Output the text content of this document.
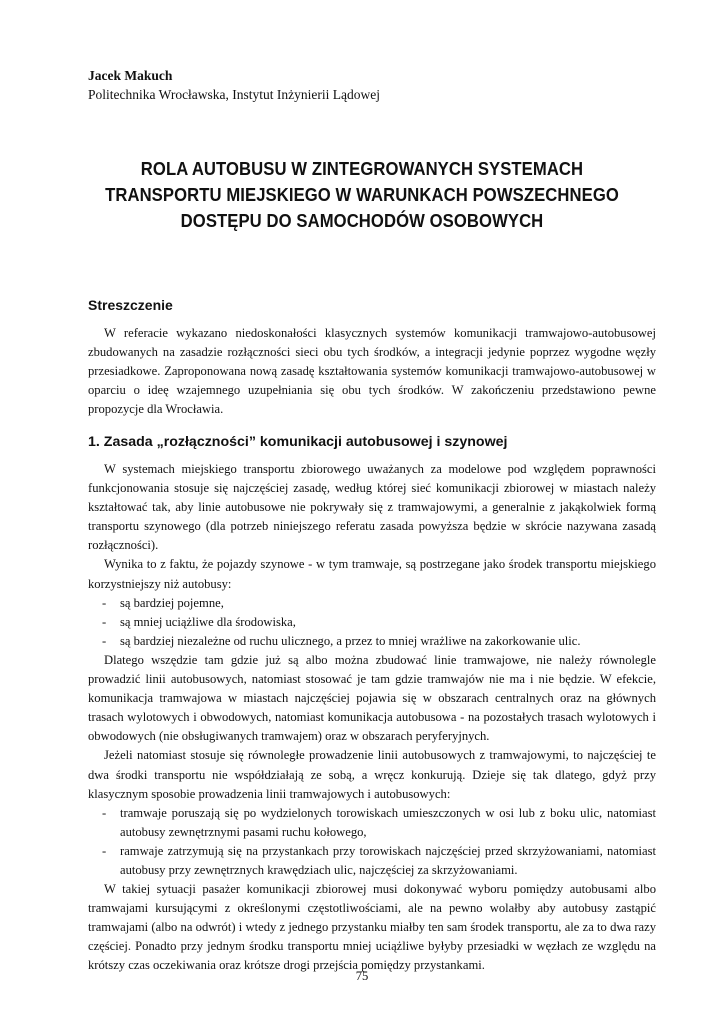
Jacek Makuch
Politechnika Wrocławska, Instytut Inżynierii Lądowej
ROLA AUTOBUSU W ZINTEGROWANYCH SYSTEMACH
TRANSPORTU MIEJSKIEGO W WARUNKACH POWSZECHNEGO
DOSTĘPU DO SAMOCHODÓW OSOBOWYCH
Streszczenie

W referacie wykazano niedoskonałości klasycznych systemów komunikacji tramwajowo-autobusowej zbudowanych na zasadzie rozłączności sieci obu tych środków, a integracji jedynie poprzez wygodne węzły przesiadkowe. Zaproponowana nową zasadę kształtowania systemów komunikacji tramwajowo-autobusowej w oparciu o ideę wzajemnego uzupełniania się obu tych środków. W zakończeniu przedstawiono pewne propozycje dla Wrocławia.

1. Zasada „rozłączności” komunikacji autobusowej i szynowej

W systemach miejskiego transportu zbiorowego uważanych za modelowe pod względem poprawności funkcjonowania stosuje się najczęściej zasadę, według której sieć komunikacji zbiorowej w miastach należy kształtować tak, aby linie autobusowe nie pokrywały się z tramwajowymi, a generalnie z jakąkolwiek formą transportu szynowego (dla potrzeb niniejszego referatu zasada powyższa będzie w skrócie nazywana zasadą rozłączności).

Wynika to z faktu, że pojazdy szynowe - w tym tramwaje, są postrzegane jako środek transportu miejskiego korzystniejszy niż autobusy:

- są bardziej pojemne,
- są mniej uciążliwe dla środowiska,
- są bardziej niezależne od ruchu ulicznego, a przez to mniej wrażliwe na zakorkowanie ulic.

Dlatego wszędzie tam gdzie już są albo można zbudować linie tramwajowe, nie należy równolegle prowadzić linii autobusowych, natomiast stosować je tam gdzie tramwajów nie ma i nie będzie. W efekcie, komunikacja tramwajowa w miastach najczęściej pojawia się w obszarach centralnych oraz na głównych trasach wylotowych i obwodowych, natomiast komunikacja autobusowa - na pozostałych trasach wylotowych i obwodowych (nie obsługiwanych tramwajem) oraz w obszarach peryferyjnych.

Jeżeli natomiast stosuje się równoległe prowadzenie linii autobusowych z tramwajowymi, to najczęściej te dwa środki transportu nie współdziałają ze sobą, a wręcz konkurują. Dzieje się tak dlatego, gdyż przy klasycznym sposobie prowadzenia linii tramwajowych i autobusowych:

- tramwaje poruszają się po wydzielonych torowiskach umieszczonych w osi lub z boku ulic, natomiast autobusy zewnętrznymi pasami ruchu kołowego,
- ramwaje zatrzymują się na przystankach przy torowiskach najczęściej przed skrzyżowaniami, natomiast autobusy przy zewnętrznych krawędziach ulic, najczęściej za skrzyżowaniami.

W takiej sytuacji pasażer komunikacji zbiorowej musi dokonywać wyboru pomiędzy autobusami albo tramwajami kursującymi z określonymi częstotliwościami, ale na pewno wolałby aby autobusy zastąpić tramwajami (albo na odwrót) i wtedy z jednego przystanku miałby ten sam środek transportu, ale za to dwa razy częściej. Ponadto przy jednym środku transportu mniej uciążliwe byłyby przesiadki w węzłach ze względu na krótszy czas oczekiwania oraz krótsze drogi przejścia pomiędzy przystankami.

75
